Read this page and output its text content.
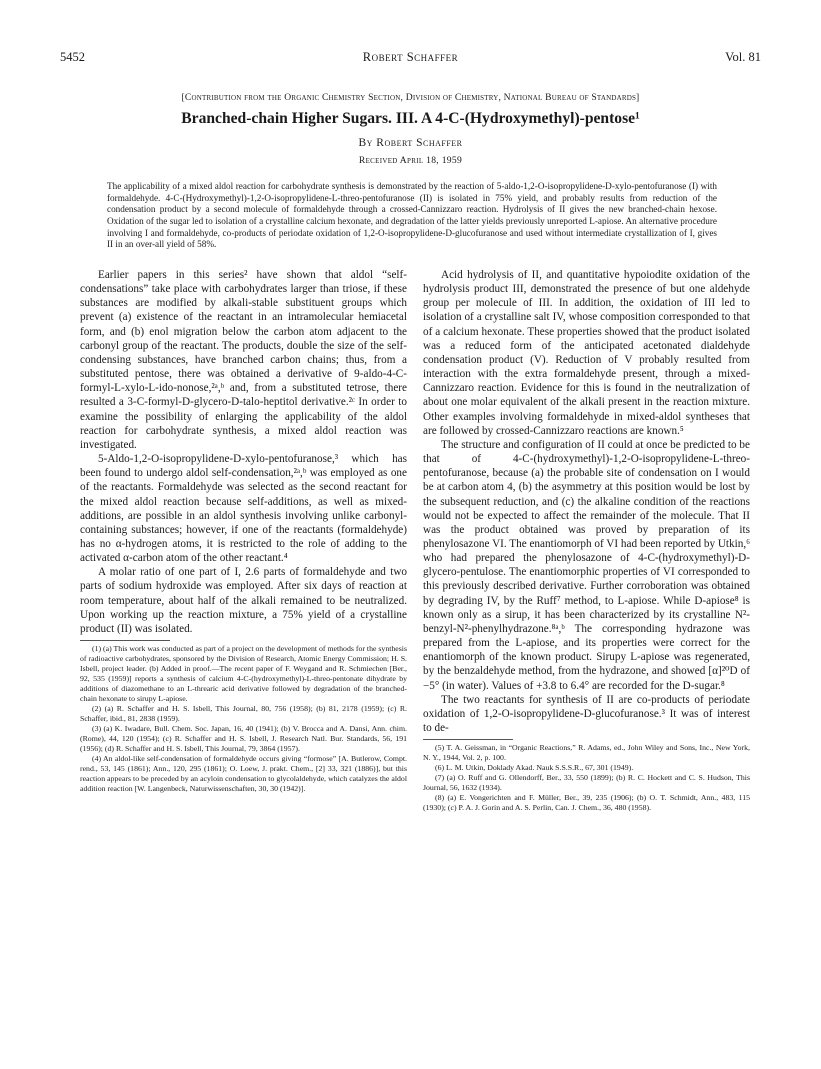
5452	Robert Schaffer	Vol. 81
[Contribution from the Organic Chemistry Section, Division of Chemistry, National Bureau of Standards]
Branched-chain Higher Sugars. III. A 4-C-(Hydroxymethyl)-pentose¹
By Robert Schaffer
Received April 18, 1959

The applicability of a mixed aldol reaction for carbohydrate synthesis is demonstrated by the reaction of 5-aldo-1,2-O-isopropylidene-D-xylo-pentofuranose (I) with formaldehyde. 4-C-(Hydroxymethyl)-1,2-O-isopropylidene-L-threo-pentofuranose (II) is isolated in 75% yield, and probably results from reduction of the condensation product by a second molecule of formaldehyde through a crossed-Cannizzaro reaction. Hydrolysis of II gives the new branched-chain hexose. Oxidation of the sugar led to isolation of a crystalline calcium hexonate, and degradation of the latter yields previously unreported L-apiose. An alternative procedure involving I and formaldehyde, co-products of periodate oxidation of 1,2-O-isopropylidene-D-glucofuranose and used without intermediate crystallization of I, gives II in an over-all yield of 58%.

Earlier papers in this series² have shown that aldol “self-condensations” take place with carbohydrates larger than triose, if these substances are modified by alkali-stable substituent groups which prevent (a) existence of the reactant in an intramolecular hemiacetal form, and (b) enol migration below the carbon atom adjacent to the carbonyl group of the reactant. The products, double the size of the self-condensing substances, have branched carbon chains; thus, from a substituted pentose, there was obtained a derivative of 9-aldo-4-C-formyl-L-xylo-L-ido-nonose,²ᵃ,ᵇ and, from a substituted tetrose, there resulted a 3-C-formyl-D-glycero-D-talo-heptitol derivative.²ᶜ In order to examine the possibility of enlarging the applicability of the aldol reaction for carbohydrate synthesis, a mixed aldol reaction was investigated.

5-Aldo-1,2-O-isopropylidene-D-xylo-pentofuranose,³ which has been found to undergo aldol self-condensation,²ᵃ,ᵇ was employed as one of the reactants. Formaldehyde was selected as the second reactant for the mixed aldol reaction because self-additions, as well as mixed-additions, are possible in an aldol synthesis involving unlike carbonyl-containing substances; however, if one of the reactants (formaldehyde) has no α-hydrogen atoms, it is restricted to the role of adding to the activated α-carbon atom of the other reactant.⁴

A molar ratio of one part of I, 2.6 parts of formaldehyde and two parts of sodium hydroxide was employed. After six days of reaction at room temperature, about half of the alkali remained to be neutralized. Upon working up the reaction mixture, a 75% yield of a crystalline product (II) was isolated.

(1) (a) This work was conducted as part of a project on the development of methods for the synthesis of radioactive carbohydrates, sponsored by the Division of Research, Atomic Energy Commission; H. S. Isbell, project leader. (b) Added in proof.—The recent paper of F. Weygand and R. Schmiechen [Ber., 92, 535 (1959)] reports a synthesis of calcium 4-C-(hydroxymethyl)-L-threo-pentonate dihydrate by additions of diazomethane to an L-threaric acid derivative followed by degradation of the branched-chain hexonate to sirupy L-apiose.

(2) (a) R. Schaffer and H. S. Isbell, This Journal, 80, 756 (1958); (b) 81, 2178 (1959); (c) R. Schaffer, ibid., 81, 2838 (1959).

(3) (a) K. Iwadare, Bull. Chem. Soc. Japan, 16, 40 (1941); (b) V. Brocca and A. Dansi, Ann. chim. (Rome), 44, 120 (1954); (c) R. Schaffer and H. S. Isbell, J. Research Natl. Bur. Standards, 56, 191 (1956); (d) R. Schaffer and H. S. Isbell, This Journal, 79, 3864 (1957).

(4) An aldol-like self-condensation of formaldehyde occurs giving “formose” [A. Butlerow, Compt. rend., 53, 145 (1861); Ann., 120, 295 (1861); O. Loew, J. prakt. Chem., [2] 33, 321 (1886)], but this reaction appears to be preceded by an acyloin condensation to glycolaldehyde, which catalyzes the aldol addition reaction [W. Langenbeck, Naturwissenschaften, 30, 30 (1942)].

Acid hydrolysis of II, and quantitative hypoiodite oxidation of the hydrolysis product III, demonstrated the presence of but one aldehyde group per molecule of III. In addition, the oxidation of III led to isolation of a crystalline salt IV, whose composition corresponded to that of a calcium hexonate. These properties showed that the product isolated was a reduced form of the anticipated acetonated dialdehyde condensation product (V). Reduction of V probably resulted from interaction with the extra formaldehyde present, through a mixed-Cannizzaro reaction. Evidence for this is found in the neutralization of about one molar equivalent of the alkali present in the reaction mixture. Other examples involving formaldehyde in mixed-aldol syntheses that are followed by crossed-Cannizzaro reactions are known.⁵

The structure and configuration of II could at once be predicted to be that of 4-C-(hydroxymethyl)-1,2-O-isopropylidene-L-threo-pentofuranose, because (a) the probable site of condensation on I would be at carbon atom 4, (b) the asymmetry at this position would be lost by the subsequent reduction, and (c) the alkaline condition of the reactions would not be expected to affect the remainder of the molecule. That II was the product obtained was proved by preparation of its phenylosazone VI. The enantiomorph of VI had been reported by Utkin,⁶ who had prepared the phenylosazone of 4-C-(hydroxymethyl)-D-glycero-pentulose. The enantiomorphic properties of VI corresponded to this previously described derivative. Further corroboration was obtained by degrading IV, by the Ruff⁷ method, to L-apiose. While D-apiose⁸ is known only as a sirup, it has been characterized by its crystalline N²-benzyl-N²-phenylhydrazone.⁸ᵃ,ᵇ The corresponding hydrazone was prepared from the L-apiose, and its properties were correct for the enantiomorph of the known product. Sirupy L-apiose was regenerated, by the benzaldehyde method, from the hydrazone, and showed [α]²⁰D of −5° (in water). Values of +3.8 to 6.4° are recorded for the D-sugar.⁸

The two reactants for synthesis of II are co-products of periodate oxidation of 1,2-O-isopropylidene-D-glucofuranose.³ It was of interest to de-

(5) T. A. Geissman, in “Organic Reactions,” R. Adams, ed., John Wiley and Sons, Inc., New York, N. Y., 1944, Vol. 2, p. 100.

(6) L. M. Utkin, Doklady Akad. Nauk S.S.S.R., 67, 301 (1949).

(7) (a) O. Ruff and G. Ollendorff, Ber., 33, 550 (1899); (b) R. C. Hockett and C. S. Hudson, This Journal, 56, 1632 (1934).

(8) (a) E. Vongerichten and F. Müller, Ber., 39, 235 (1906); (b) O. T. Schmidt, Ann., 483, 115 (1930); (c) P. A. J. Gorin and A. S. Perlin, Can. J. Chem., 36, 480 (1958).
